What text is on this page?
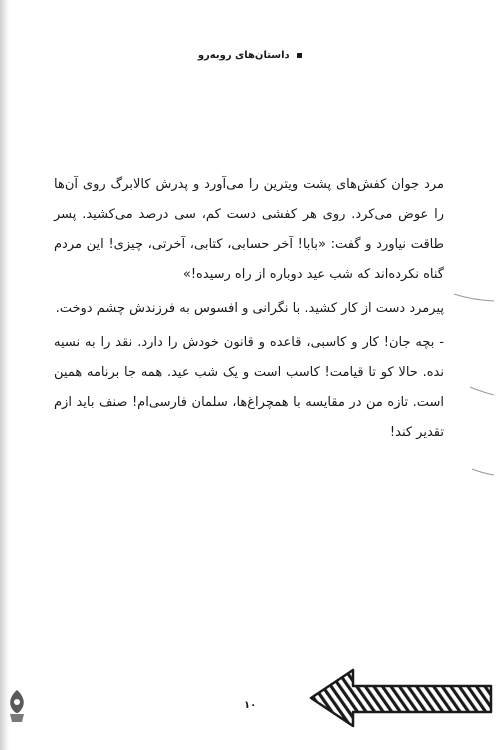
داستان‌های روبه‌رو

مرد جوان کفش‌های پشت ویترین را می‌آورد و پدرش کالابرگ روی آن‌ها را عوض می‌کرد. روی هر کفشی دست کم، سی درصد می‌کشید. پسر طاقت نیاورد و گفت: «بابا! آخر حسابی، کتابی، آخرتی، چیزی! این مردم گناه نکرده‌اند که شب عید دوباره از راه رسیده!»

پیرمرد دست از کار کشید. با نگرانی و افسوس به فرزندش چشم دوخت.

- بچه جان! کار و کاسبی، قاعده و قانون خودش را دارد. نقد را به نسیه نده. حالا کو تا قیامت! کاسب است و یک شب عید. همه جا برنامه همین است. تازه من در مقایسه با همچراغ‌ها، سلمان فارسی‌ام! صنف باید ازم تقدیر کند!

۱۰
